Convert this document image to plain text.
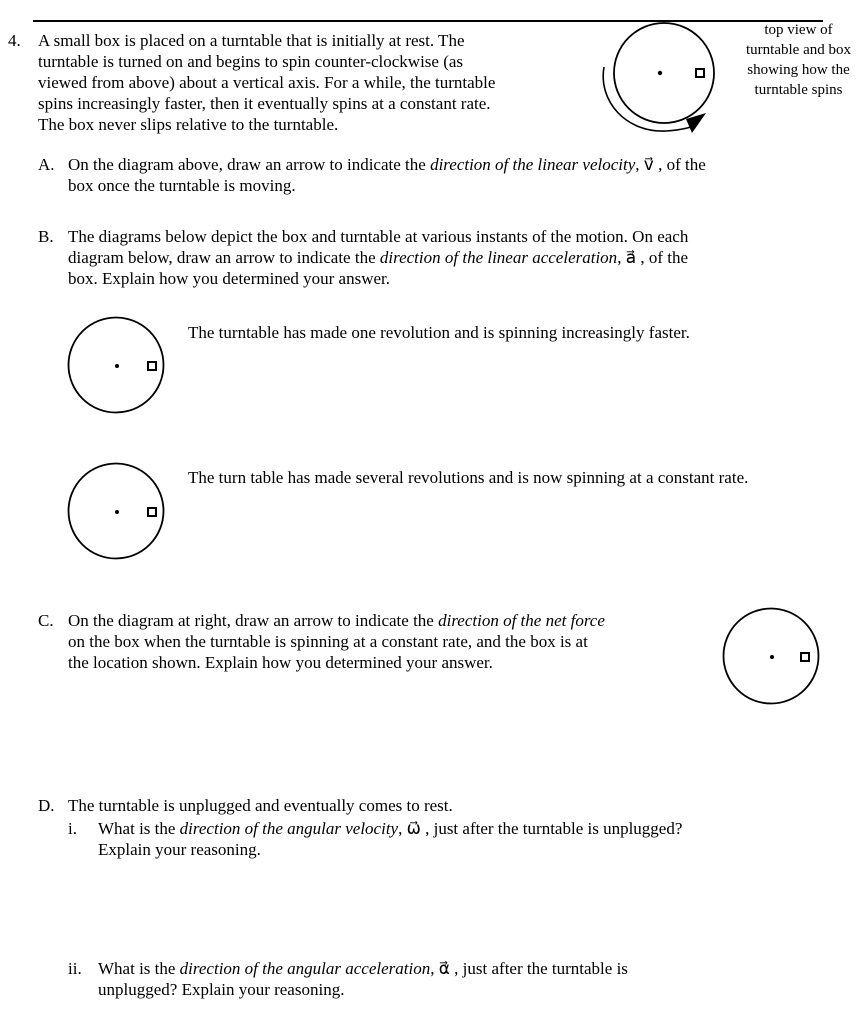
4. A small box is placed on a turntable that is initially at rest. The
turntable is turned on and begins to spin counter-clockwise (as
viewed from above) about a vertical axis. For a while, the turntable
spins increasingly faster, then it eventually spins at a constant rate.
The box never slips relative to the turntable.
top view of
turntable and box
showing how the
turntable spins
A. On the diagram above, draw an arrow to indicate the direction of the linear velocity, v⃗ , of the
box once the turntable is moving.
B. The diagrams below depict the box and turntable at various instants of the motion. On each
diagram below, draw an arrow to indicate the direction of the linear acceleration, a⃗ , of the
box. Explain how you determined your answer.
The turntable has made one revolution and is spinning increasingly faster.
The turn table has made several revolutions and is now spinning at a constant rate.
C. On the diagram at right, draw an arrow to indicate the direction of the net force
on the box when the turntable is spinning at a constant rate, and the box is at
the location shown. Explain how you determined your answer.
D. The turntable is unplugged and eventually comes to rest.
i. What is the direction of the angular velocity, ω⃗ , just after the turntable is unplugged?
Explain your reasoning.
ii. What is the direction of the angular acceleration, α⃗ , just after the turntable is
unplugged? Explain your reasoning.
